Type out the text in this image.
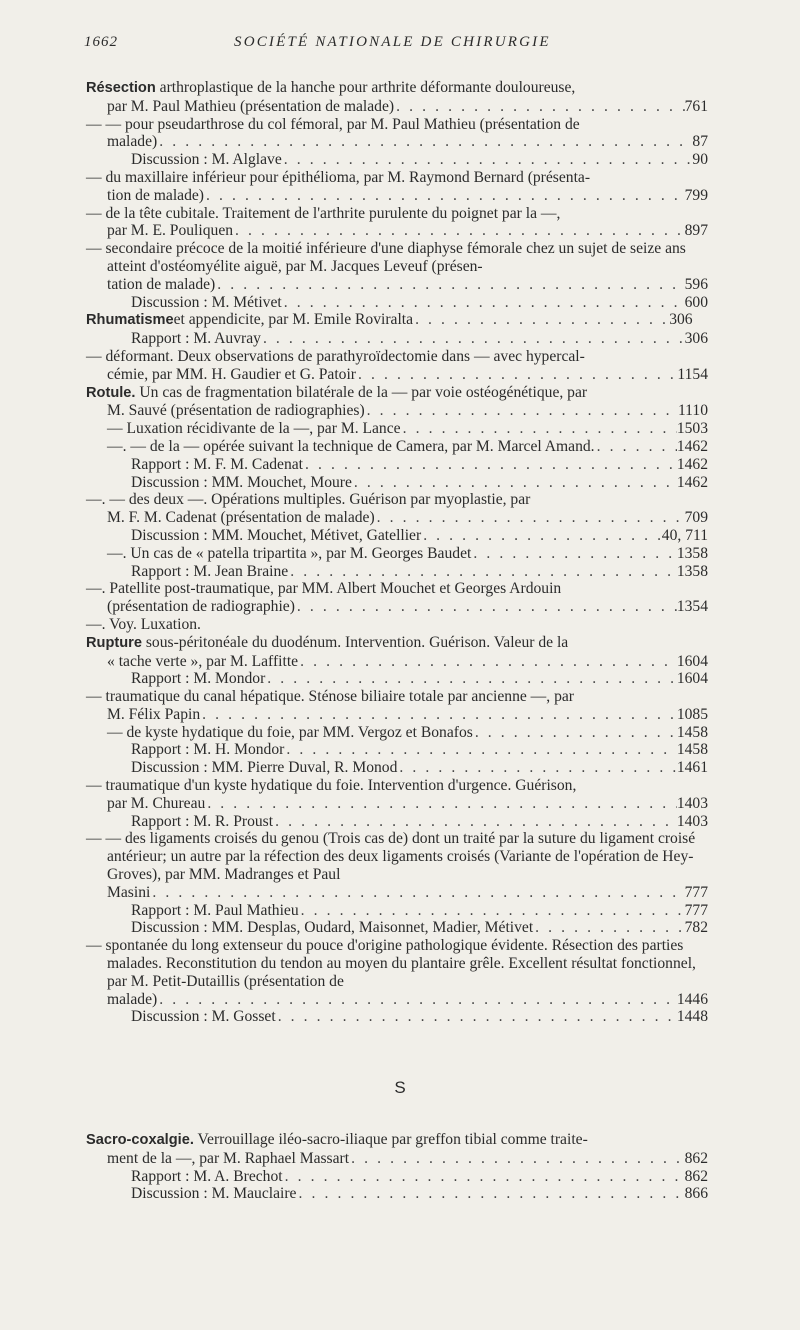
1662	SOCIÉTÉ NATIONALE DE CHIRURGIE
Résection arthroplastique de la hanche pour arthrite déformante douloureuse,
par M. Paul Mathieu (présentation de malade) . . .	761
— — pour pseudarthrose du col fémoral, par M. Paul Mathieu (présentation de
malade) . . .	87
Discussion : M. Alglave . . .	90
— du maxillaire inférieur pour épithélioma, par M. Raymond Bernard (présenta-
tion de malade) . . .	799
— de la tête cubitale. Traitement de l'arthrite purulente du poignet par la —,
par M. E. Pouliquen . . .	897
— secondaire précoce de la moitié inférieure d'une diaphyse fémorale chez un sujet de seize ans atteint d'ostéomyélite aiguë, par M. Jacques Leveuf (présen-
tation de malade) . . .	596
Discussion : M. Métivet . . .	600
Rhumatisme et appendicite, par M. Emile Roviralta . . .	306
Rapport : M. Auvray . . .	306
— déformant. Deux observations de parathyroïdectomie dans — avec hypercal-
cémie, par MM. H. Gaudier et G. Patoir . . .	1154
Rotule. Un cas de fragmentation bilatérale de la — par voie ostéogénétique, par
M. Sauvé (présentation de radiographies) . . .	1110
— Luxation récidivante de la —, par M. Lance . . .	1503
—. — de la — opérée suivant la technique de Camera, par M. Marcel Amand. . . .	1462
Rapport : M. F. M. Cadenat . . .	1462
Discussion : MM. Mouchet, Moure . . .	1462
—. — des deux —. Opérations multiples. Guérison par myoplastie, par
M. F. M. Cadenat (présentation de malade) . . .	709
Discussion : MM. Mouchet, Métivet, Gatellier . . .	40, 711
—. Un cas de « patella tripartita », par M. Georges Baudet . . .	1358
Rapport : M. Jean Braine . . .	1358
—. Patellite post-traumatique, par MM. Albert Mouchet et Georges Ardouin
(présentation de radiographie) . . .	1354
—. Voy. Luxation.
Rupture sous-péritonéale du duodénum. Intervention. Guérison. Valeur de la
« tache verte », par M. Laffitte . . .	1604
Rapport : M. Mondor . . .	1604
— traumatique du canal hépatique. Sténose biliaire totale par ancienne —, par
M. Félix Papin . . .	1085
— de kyste hydatique du foie, par MM. Vergoz et Bonafos . . .	1458
Rapport : M. H. Mondor . . .	1458
Discussion : MM. Pierre Duval, R. Monod . . .	1461
— traumatique d'un kyste hydatique du foie. Intervention d'urgence. Guérison,
par M. Chureau . . .	1403
Rapport : M. R. Proust . . .	1403
— — des ligaments croisés du genou (Trois cas de) dont un traité par la suture du ligament croisé antérieur; un autre par la réfection des deux ligaments croisés (Variante de l'opération de Hey-Groves), par MM. Madranges et Paul
Masini . . .	777
Rapport : M. Paul Mathieu . . .	777
Discussion : MM. Desplas, Oudard, Maisonnet, Madier, Métivet . . .	782
— spontanée du long extenseur du pouce d'origine pathologique évidente. Résection des parties malades. Reconstitution du tendon au moyen du plantaire grêle. Excellent résultat fonctionnel, par M. Petit-Dutaillis (présentation de
malade) . . .	1446
Discussion : M. Gosset . . .	1448
S
Sacro-coxalgie. Verrouillage iléo-sacro-iliaque par greffon tibial comme traite-
ment de la —, par M. Raphael Massart . . .	862
Rapport : M. A. Brechot . . .	862
Discussion : M. Mauclaire . . .	866
